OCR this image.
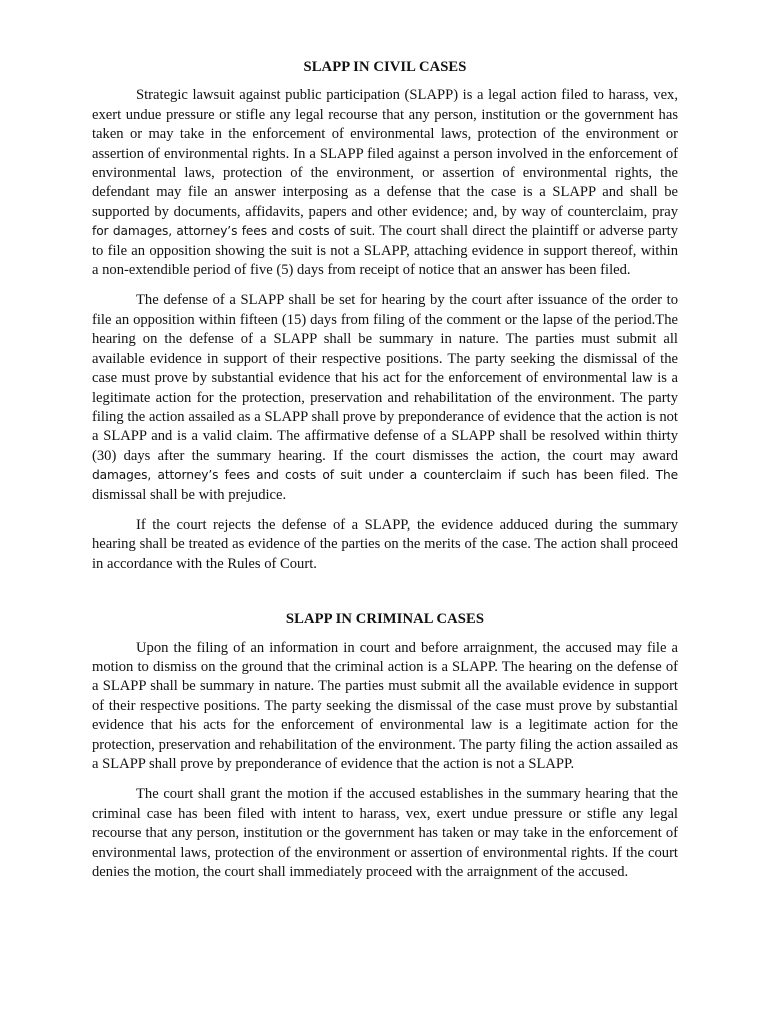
SLAPP IN CIVIL CASES

Strategic lawsuit against public participation (SLAPP) is a legal action filed to harass, vex, exert undue pressure or stifle any legal recourse that any person, institution or the government has taken or may take in the enforcement of environmental laws, protection of the environment or assertion of environmental rights. In a SLAPP filed against a person involved in the enforcement of environmental laws, protection of the environment, or assertion of environmental rights, the defendant may file an answer interposing as a defense that the case is a SLAPP and shall be supported by documents, affidavits, papers and other evidence; and, by way of counterclaim, pray for damages, attorney’s fees and costs of suit. The court shall direct the plaintiff or adverse party to file an opposition showing the suit is not a SLAPP, attaching evidence in support thereof, within a non-extendible period of five (5) days from receipt of notice that an answer has been filed.

The defense of a SLAPP shall be set for hearing by the court after issuance of the order to file an opposition within fifteen (15) days from filing of the comment or the lapse of the period.The hearing on the defense of a SLAPP shall be summary in nature. The parties must submit all available evidence in support of their respective positions. The party seeking the dismissal of the case must prove by substantial evidence that his act for the enforcement of environmental law is a legitimate action for the protection, preservation and rehabilitation of the environment. The party filing the action assailed as a SLAPP shall prove by preponderance of evidence that the action is not a SLAPP and is a valid claim. The affirmative defense of a SLAPP shall be resolved within thirty (30) days after the summary hearing. If the court dismisses the action, the court may award damages, attorney’s fees and costs of suit under a counterclaim if such has been filed. The dismissal shall be with prejudice.

If the court rejects the defense of a SLAPP, the evidence adduced during the summary hearing shall be treated as evidence of the parties on the merits of the case. The action shall proceed in accordance with the Rules of Court.

SLAPP IN CRIMINAL CASES

Upon the filing of an information in court and before arraignment, the accused may file a motion to dismiss on the ground that the criminal action is a SLAPP. The hearing on the defense of a SLAPP shall be summary in nature. The parties must submit all the available evidence in support of their respective positions. The party seeking the dismissal of the case must prove by substantial evidence that his acts for the enforcement of environmental law is a legitimate action for the protection, preservation and rehabilitation of the environment. The party filing the action assailed as a SLAPP shall prove by preponderance of evidence that the action is not a SLAPP.

The court shall grant the motion if the accused establishes in the summary hearing that the criminal case has been filed with intent to harass, vex, exert undue pressure or stifle any legal recourse that any person, institution or the government has taken or may take in the enforcement of environmental laws, protection of the environment or assertion of environmental rights. If the court denies the motion, the court shall immediately proceed with the arraignment of the accused.
